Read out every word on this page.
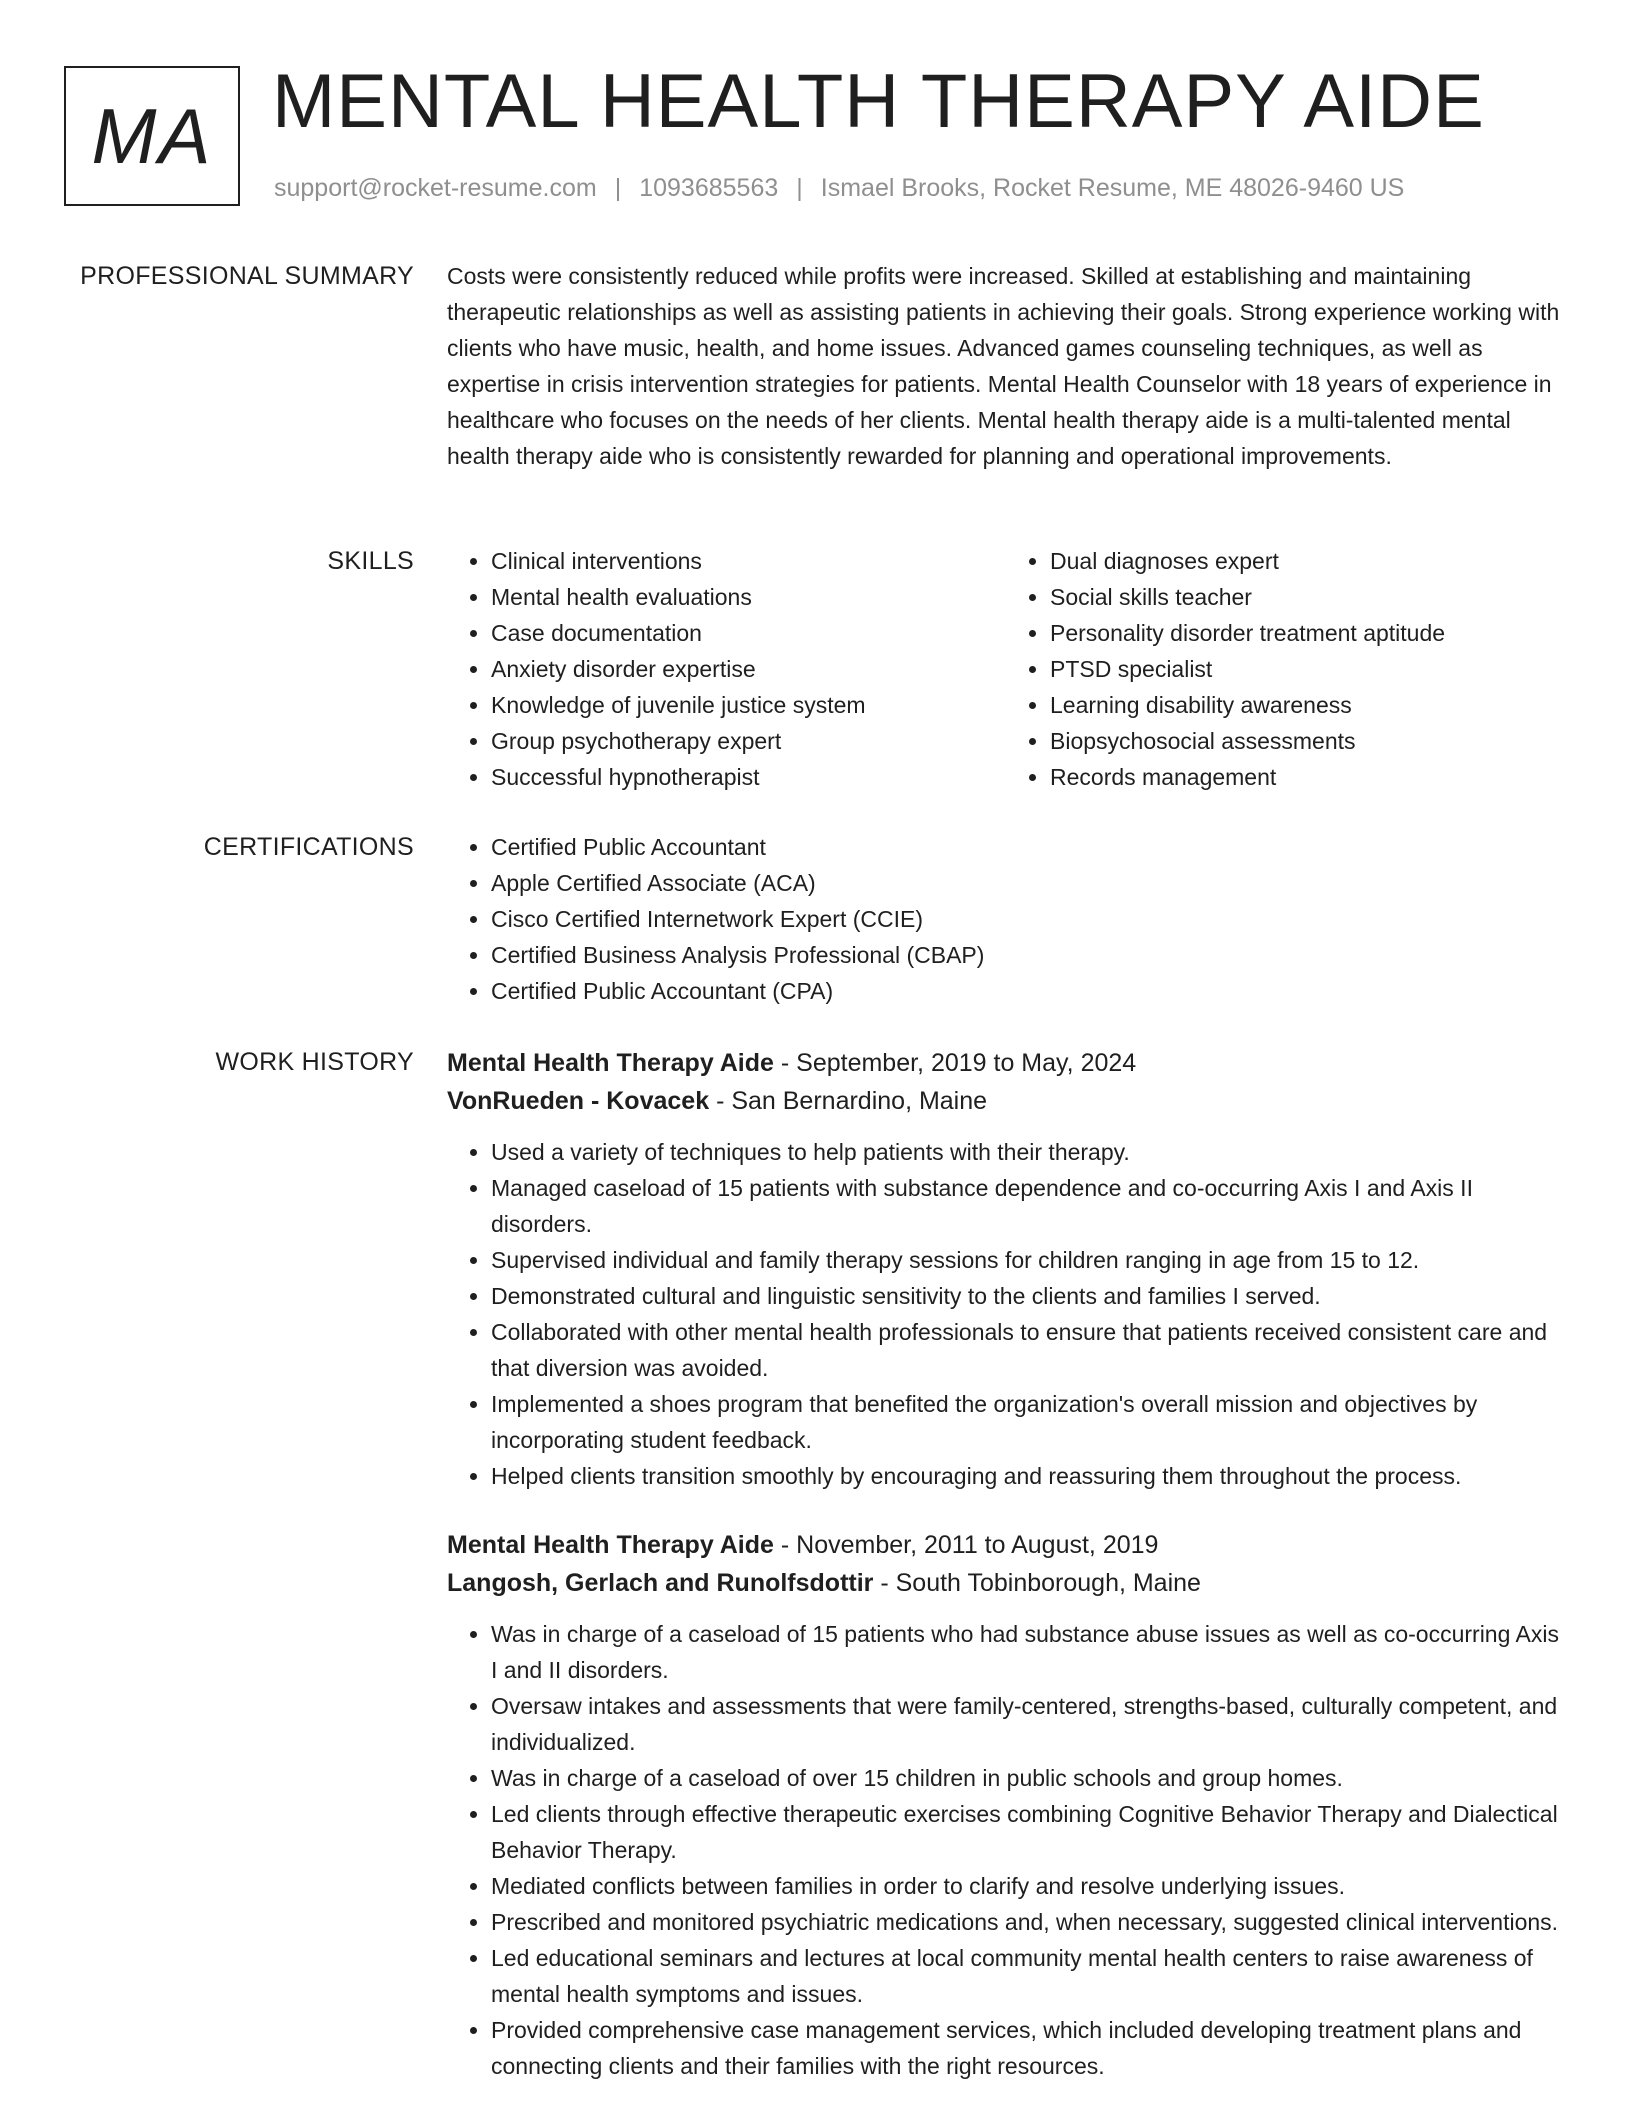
MA MENTAL HEALTH THERAPY AIDE
support@rocket-resume.com | 1093685563 | Ismael Brooks, Rocket Resume, ME 48026-9460 US
PROFESSIONAL SUMMARY Costs were consistently reduced while profits were increased. Skilled at establishing and maintaining therapeutic relationships as well as assisting patients in achieving their goals. Strong experience working with clients who have music, health, and home issues. Advanced games counseling techniques, as well as expertise in crisis intervention strategies for patients. Mental Health Counselor with 18 years of experience in healthcare who focuses on the needs of her clients. Mental health therapy aide is a multi-talented mental health therapy aide who is consistently rewarded for planning and operational improvements.

SKILLS	• Clinical interventions
• Mental health evaluations
• Case documentation
• Anxiety disorder expertise
• Knowledge of juvenile justice system
• Group psychotherapy expert
• Successful hypnotherapist
• Dual diagnoses expert
• Social skills teacher
• Personality disorder treatment aptitude
• PTSD specialist
• Learning disability awareness
• Biopsychosocial assessments
• Records management
CERTIFICATIONS	• Certified Public Accountant
• Apple Certified Associate (ACA)
• Cisco Certified Internetwork Expert (CCIE)
• Certified Business Analysis Professional (CBAP)
• Certified Public Accountant (CPA)
WORK HISTORY Mental Health Therapy Aide - September, 2019 to May, 2024
VonRueden - Kovacek - San Bernardino, Maine
• Used a variety of techniques to help patients with their therapy.
• Managed caseload of 15 patients with substance dependence and co-occurring Axis I and Axis II disorders.
• Supervised individual and family therapy sessions for children ranging in age from 15 to 12.
• Demonstrated cultural and linguistic sensitivity to the clients and families I served.
• Collaborated with other mental health professionals to ensure that patients received consistent care and that diversion was avoided.
• Implemented a shoes program that benefited the organization's overall mission and objectives by incorporating student feedback.
• Helped clients transition smoothly by encouraging and reassuring them throughout the process.
Mental Health Therapy Aide - November, 2011 to August, 2019
Langosh, Gerlach and Runolfsdottir - South Tobinborough, Maine
• Was in charge of a caseload of 15 patients who had substance abuse issues as well as co-occurring Axis I and II disorders.
• Oversaw intakes and assessments that were family-centered, strengths-based, culturally competent, and individualized.
• Was in charge of a caseload of over 15 children in public schools and group homes.
• Led clients through effective therapeutic exercises combining Cognitive Behavior Therapy and Dialectical Behavior Therapy.
• Mediated conflicts between families in order to clarify and resolve underlying issues.
• Prescribed and monitored psychiatric medications and, when necessary, suggested clinical interventions.
• Led educational seminars and lectures at local community mental health centers to raise awareness of mental health symptoms and issues.
• Provided comprehensive case management services, which included developing treatment plans and connecting clients and their families with the right resources.
